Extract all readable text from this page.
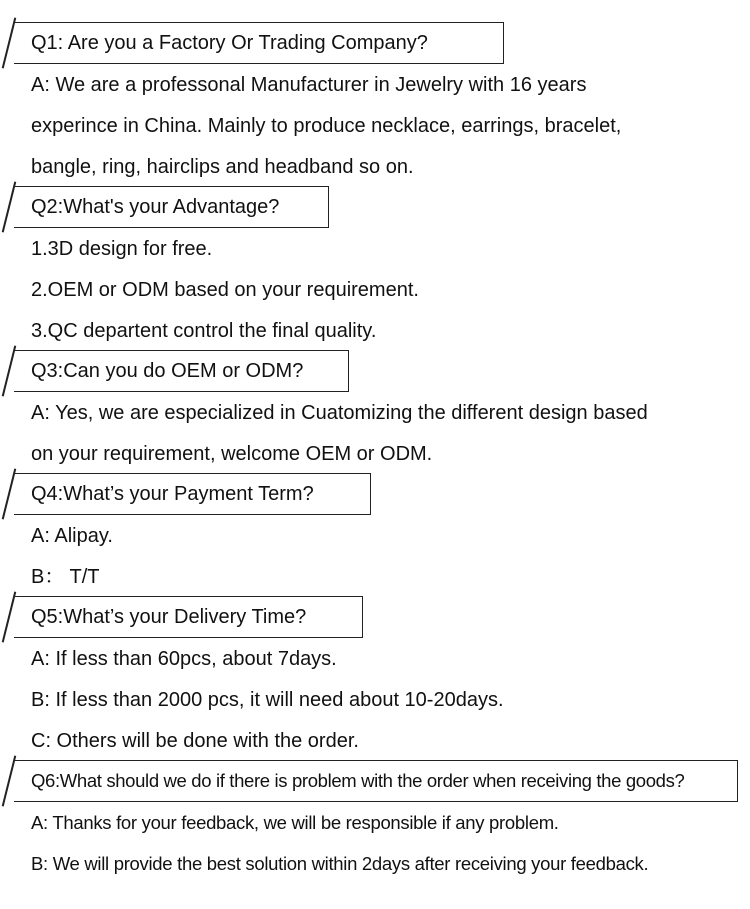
Q1: Are you a Factory Or Trading Company?
A: We are a professonal Manufacturer in Jewelry with 16 years
experince in China. Mainly to produce necklace, earrings, bracelet,
bangle, ring, hairclips and headband so on.
Q2:What's your Advantage?
1.3D design for free.
2.OEM or ODM based on your requirement.
3.QC departent control the final quality.
Q3:Can you do OEM or ODM?
A: Yes, we are especialized in Cuatomizing the different design based
on your requirement, welcome OEM or ODM.
Q4:What’s your Payment Term?
A: Alipay.
B： T/T
Q5:What’s your Delivery Time?
A: If less than 60pcs, about 7days.
B: If less than 2000 pcs, it will need about 10-20days.
C: Others will be done with the order.
Q6:What should we do if there is problem with the order when receiving the goods?
A: Thanks for your feedback, we will be responsible if any problem.
B: We will provide the best solution within 2days after receiving your feedback.
